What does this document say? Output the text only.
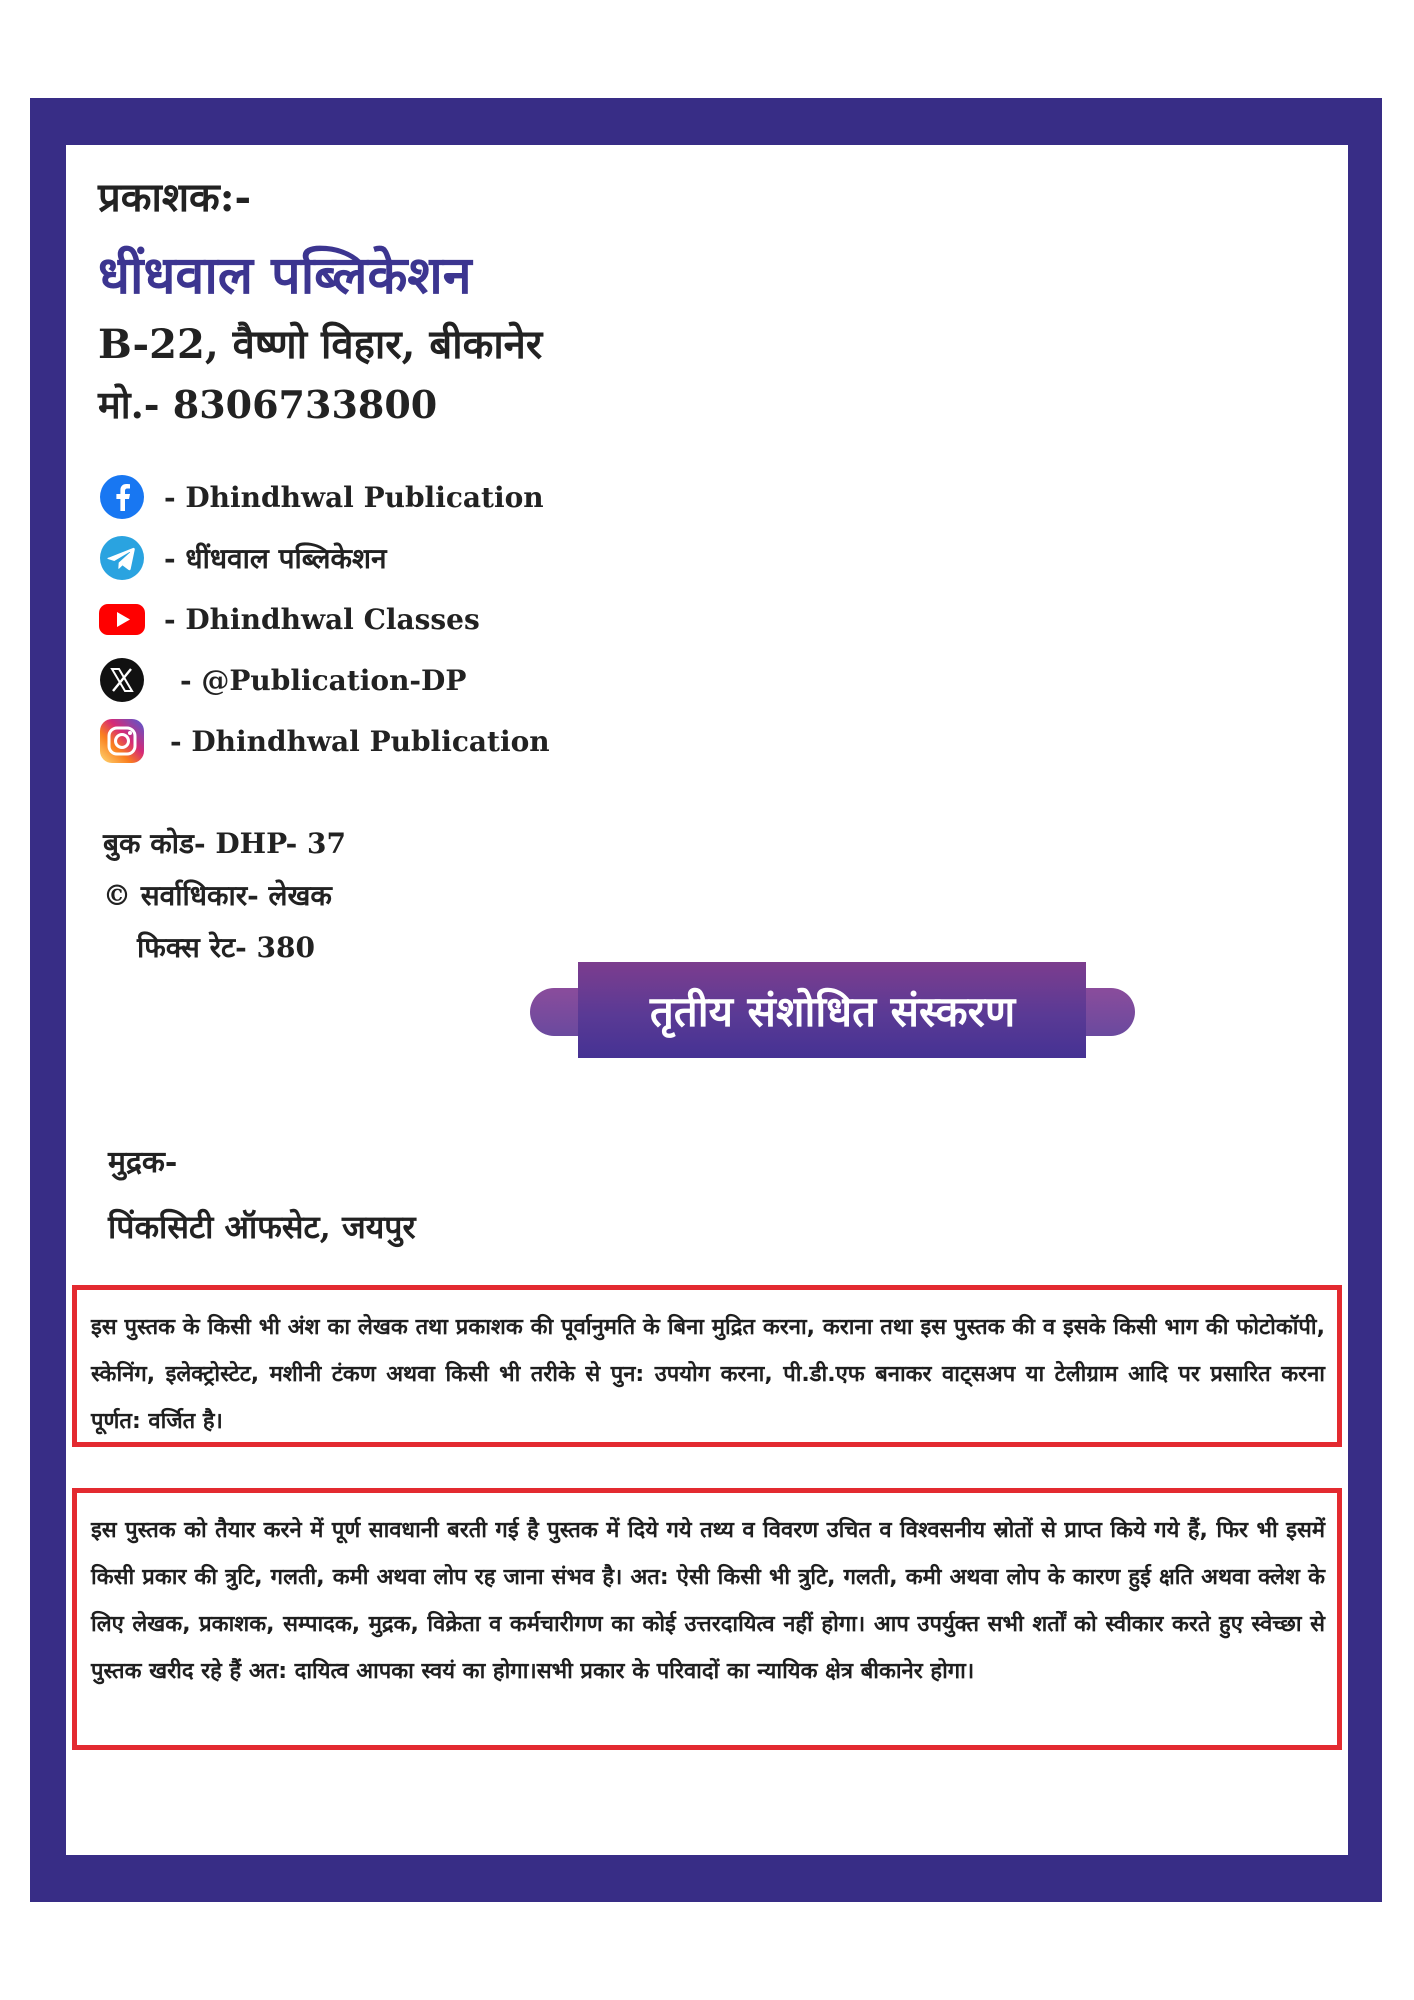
प्रकाशक:-
धींधवाल पब्लिकेशन
B-22, वैष्णो विहार, बीकानेर
मो.- 8306733800
- Dhindhwal Publication
- धींधवाल पब्लिकेशन
- Dhindhwal Classes
- @Publication-DP
- Dhindhwal Publication
बुक कोड- DHP- 37
© सर्वाधिकार- लेखक
फिक्स रेट- 380
तृतीय संशोधित संस्करण
मुद्रक-
पिंकसिटी ऑफसेट, जयपुर
इस पुस्तक के किसी भी अंश का लेखक तथा प्रकाशक की पूर्वानुमति के बिना मुद्रित करना, कराना तथा इस पुस्तक की व इसके किसी भाग की फोटोकॉपी, स्केनिंग, इलेक्ट्रोस्टेट, मशीनी टंकण अथवा किसी भी तरीके से पुन: उपयोग करना, पी.डी.एफ बनाकर वाट्सअप या टेलीग्राम आदि पर प्रसारित करना पूर्णत: वर्जित है।
इस पुस्तक को तैयार करने में पूर्ण सावधानी बरती गई है पुस्तक में दिये गये तथ्य व विवरण उचित व विश्वसनीय स्रोतों से प्राप्त किये गये हैं, फिर भी इसमें किसी प्रकार की त्रुटि, गलती, कमी अथवा लोप रह जाना संभव है। अत: ऐसी किसी भी त्रुटि, गलती, कमी अथवा लोप के कारण हुई क्षति अथवा क्लेश के लिए लेखक, प्रकाशक, सम्पादक, मुद्रक, विक्रेता व कर्मचारीगण का कोई उत्तरदायित्व नहीं होगा। आप उपर्युक्त सभी शर्तों को स्वीकार करते हुए स्वेच्छा से पुस्तक खरीद रहे हैं अत: दायित्व आपका स्वयं का होगा।सभी प्रकार के परिवादों का न्यायिक क्षेत्र बीकानेर होगा।
